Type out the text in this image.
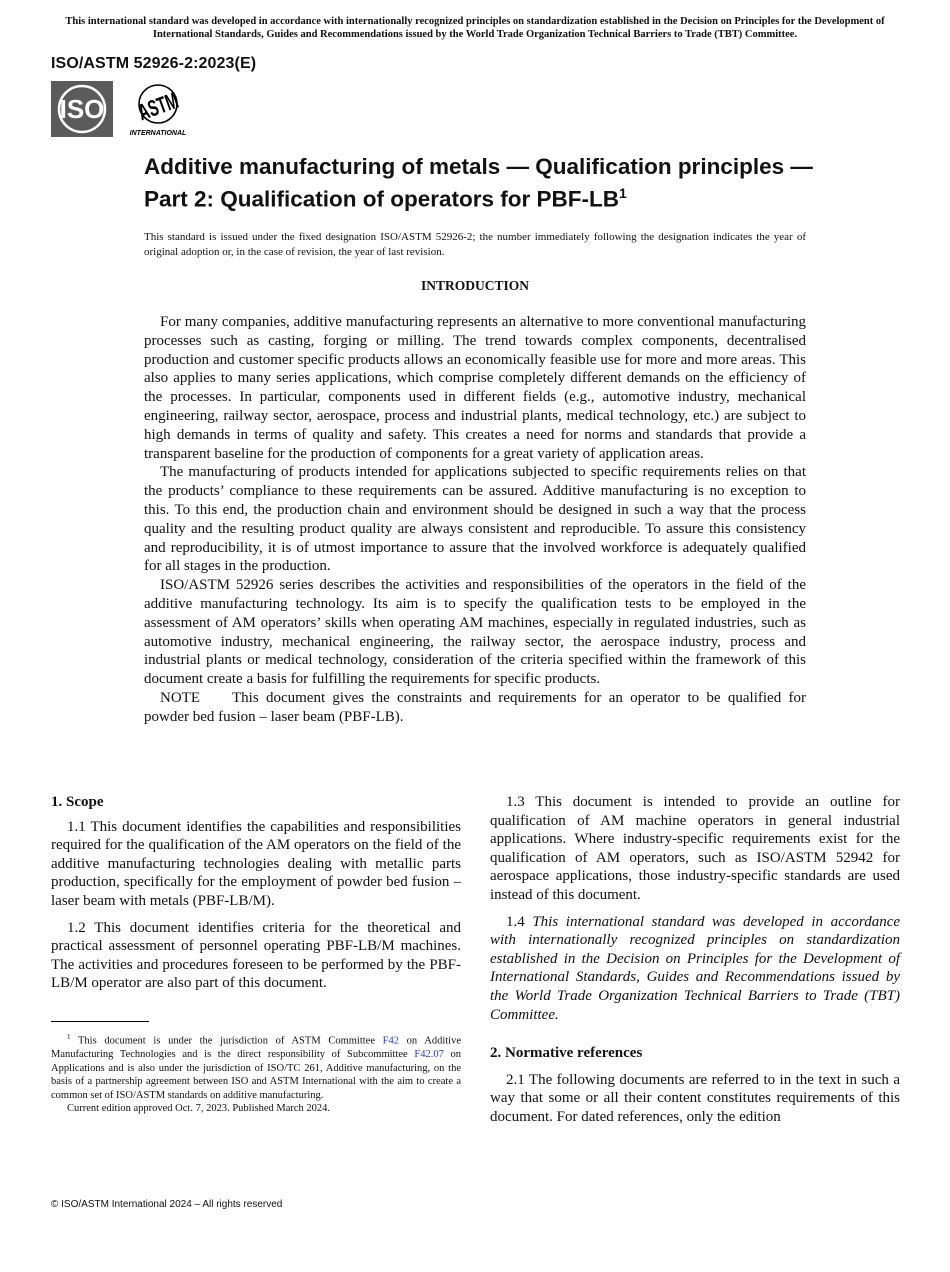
This international standard was developed in accordance with internationally recognized principles on standardization established in the Decision on Principles for the Development of International Standards, Guides and Recommendations issued by the World Trade Organization Technical Barriers to Trade (TBT) Committee.
ISO/ASTM 52926-2:2023(E)
ISO ASTM
INTERNATIONAL
Additive manufacturing of metals — Qualification principles — Part 2: Qualification of operators for PBF-$LB^1$

This standard is issued under the fixed designation ISO/ASTM 52926-2; the number immediately following the designation indicates the year of original adoption or, in the case of revision, the year of last revision.

INTRODUCTION

For many companies, additive manufacturing represents an alternative to more conventional manufacturing processes such as casting, forging or milling. The trend towards complex components, decentralised production and customer specific products allows an economically feasible use for more and more areas. This also applies to many series applications, which comprise completely different demands on the efficiency of the processes. In particular, components used in different fields (e.g., automotive industry, mechanical engineering, railway sector, aerospace, process and industrial plants, medical technology, etc.) are subject to high demands in terms of quality and safety. This creates a need for norms and standards that provide a transparent baseline for the production of components for a great variety of application areas.

The manufacturing of products intended for applications subjected to specific requirements relies on that the products’ compliance to these requirements can be assured. Additive manufacturing is no exception to this. To this end, the production chain and environment should be designed in such a way that the process quality and the resulting product quality are always consistent and reproducible. To assure this consistency and reproducibility, it is of utmost importance to assure that the involved workforce is adequately qualified for all stages in the production.

ISO/ASTM 52926 series describes the activities and responsibilities of the operators in the field of the additive manufacturing technology. Its aim is to specify the qualification tests to be employed in the assessment of AM operators’ skills when operating AM machines, especially in regulated industries, such as automotive industry, mechanical engineering, the railway sector, the aerospace industry, process and industrial plants or medical technology, consideration of the criteria specified within the framework of this document create a basis for fulfilling the requirements for specific products.

NOTE This document gives the constraints and requirements for an operator to be qualified for powder bed fusion – laser beam (PBF-LB).

1. Scope

1.1 This document identifies the capabilities and responsibilities required for the qualification of the AM operators on the field of the additive manufacturing technologies dealing with metallic parts production, specifically for the employment of powder bed fusion – laser beam with metals (PBF-LB/M).

1.2 This document identifies criteria for the theoretical and practical assessment of personnel operating PBF-LB/M machines. The activities and procedures foreseen to be performed by the PBF-LB/M operator are also part of this document.

1.3 This document is intended to provide an outline for qualification of AM machine operators in general industrial applications. Where industry-specific requirements exist for the qualification of AM operators, such as ISO/ASTM 52942 for aerospace applications, those industry-specific standards are used instead of this document.

1.4 This international standard was developed in accordance with internationally recognized principles on standardization established in the Decision on Principles for the Development of International Standards, Guides and Recommendations issued by the World Trade Organization Technical Barriers to Trade (TBT) Committee.

2. Normative references

2.1 The following documents are referred to in the text in such a way that some or all their content constitutes requirements of this document. For dated references, only the edition

$^1$ This document is under the jurisdiction of ASTM Committee F42 on Additive Manufacturing Technologies and is the direct responsibility of Subcommittee F42.07 on Applications and is also under the jurisdiction of ISO/TC 261, Additive manufacturing, on the basis of a partnership agreement between ISO and ASTM International with the aim to create a common set of ISO/ASTM standards on additive manufacturing.

Current edition approved Oct. 7, 2023. Published March 2024.

© ISO/ASTM International 2024 – All rights reserved
